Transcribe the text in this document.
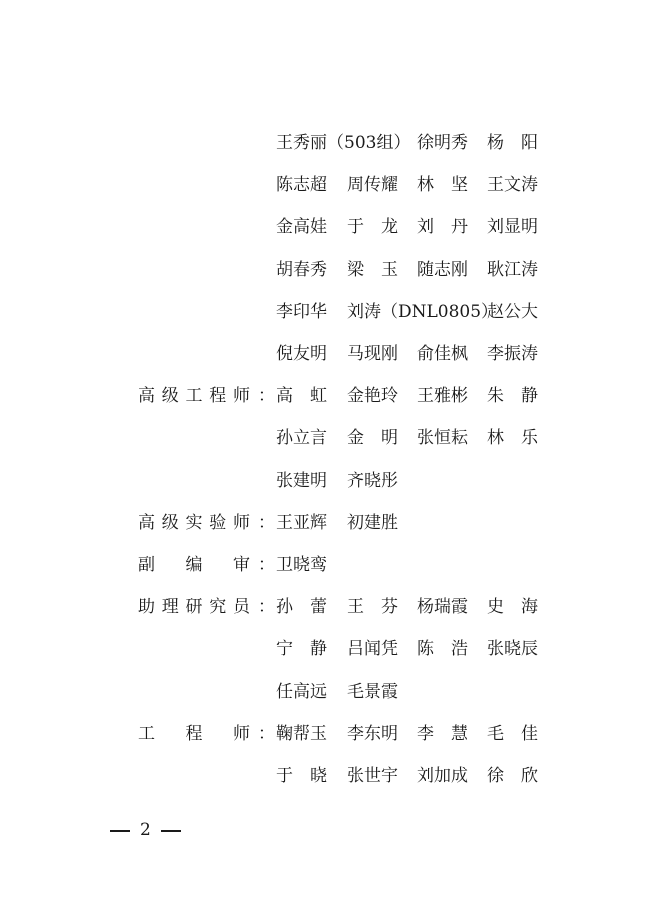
王秀丽（503组） 徐明秀 杨　阳
陈志超 周传耀 林　坚 王文涛
金高娃 于　龙 刘　丹 刘显明
胡春秀 梁　玉 随志刚 耿江涛
李印华 刘涛（DNL0805）
赵公大
倪友明 马现刚 俞佳枫 李振涛
高 级 工 程 师 ： 高　虹 金艳玲 王雅彬 朱　静
孙立言 金　明 张恒耘 林　乐
张建明 齐晓彤
高 级 实 验 师 ： 王亚辉 初建胜
副 编 审 ： 卫晓鸾
助 理 研 究 员 ： 孙　蕾 王　芬 杨瑞霞 史　海
宁　静 吕闻凭 陈　浩 张晓辰
任高远 毛景霞
工 程 师 ： 鞠帮玉 李东明 李　慧 毛　佳
于　晓 张世宇 刘加成 徐　欣
2
